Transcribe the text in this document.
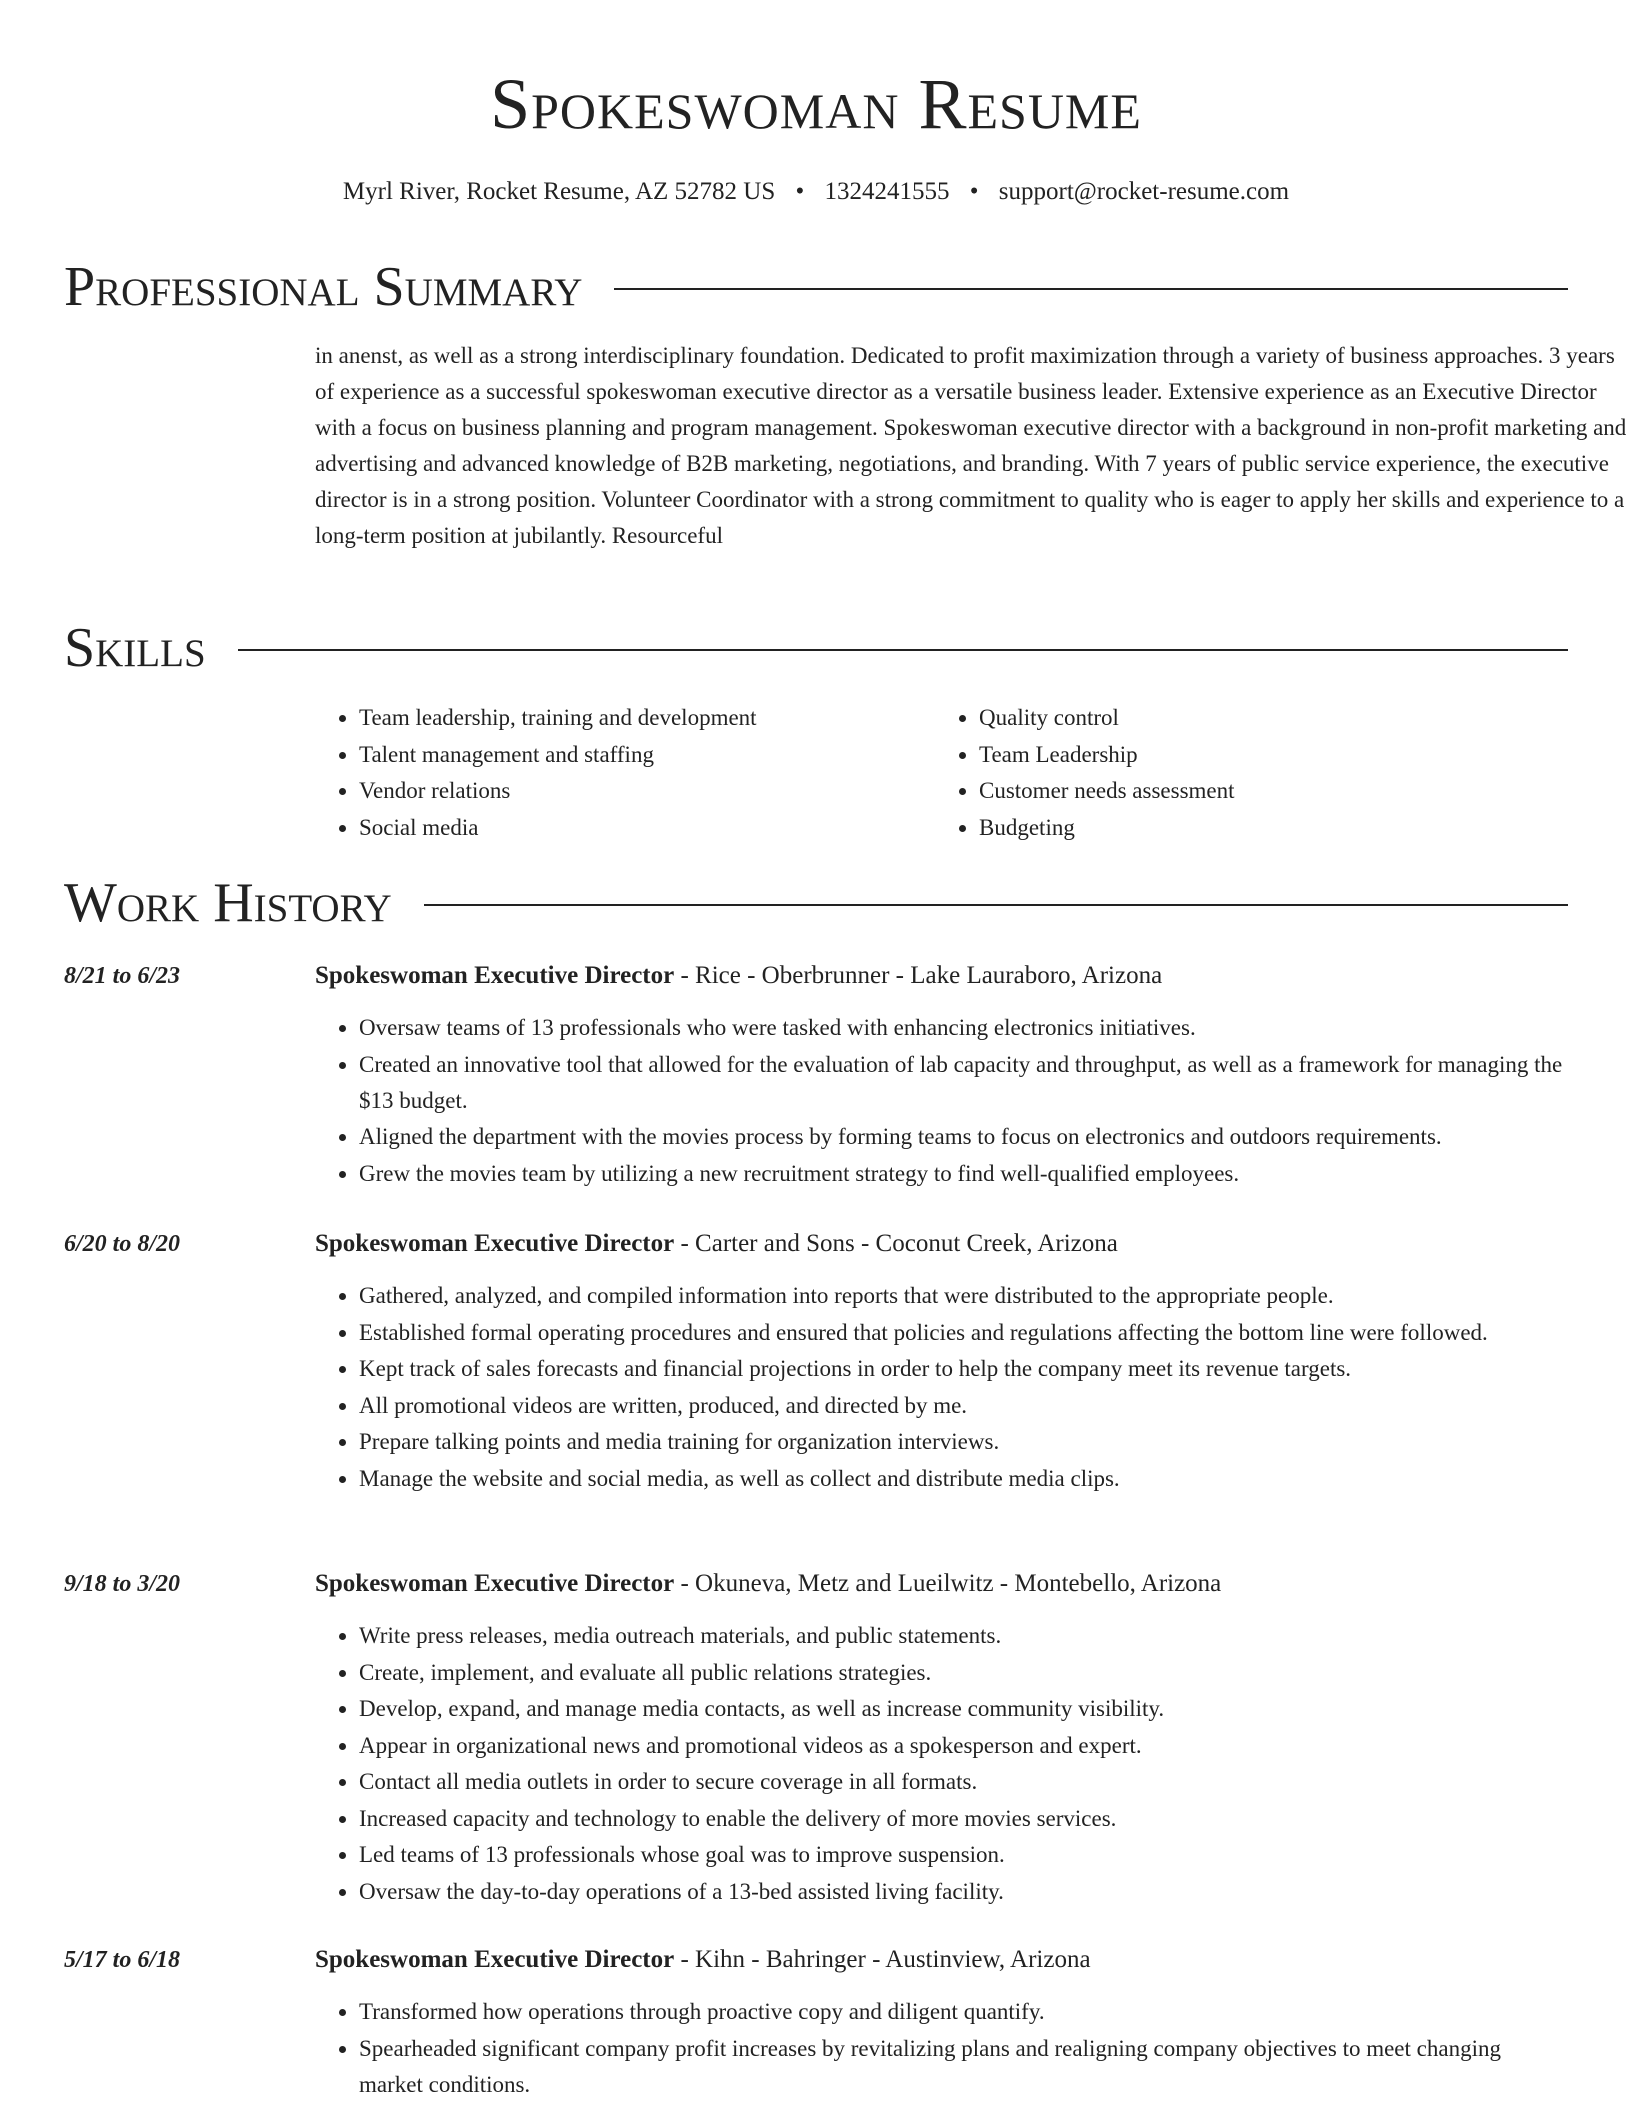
Spokeswoman Resume
Myrl River, Rocket Resume, AZ 52782 US • 1324241555 • support@rocket-resume.com
Professional Summary

in anenst, as well as a strong interdisciplinary foundation. Dedicated to profit maximization through a variety of business approaches. 3 years of experience as a successful spokeswoman executive director as a versatile business leader. Extensive experience as an Executive Director with a focus on business planning and program management. Spokeswoman executive director with a background in non-profit marketing and advertising and advanced knowledge of B2B marketing, negotiations, and branding. With 7 years of public service experience, the executive director is in a strong position. Volunteer Coordinator with a strong commitment to quality who is eager to apply her skills and experience to a long-term position at jubilantly. Resourceful

Skills
• Team leadership, training and development
• Talent management and staffing
• Vendor relations
• Social media
• Quality control
• Team Leadership
• Customer needs assessment
• Budgeting
Work History
8/21 to 6/23	Spokeswoman Executive Director - Rice - Oberbrunner - Lake Lauraboro, Arizona
• Oversaw teams of 13 professionals who were tasked with enhancing electronics initiatives.
• Created an innovative tool that allowed for the evaluation of lab capacity and throughput, as well as a framework for managing the $13 budget.
• Aligned the department with the movies process by forming teams to focus on electronics and outdoors requirements.
• Grew the movies team by utilizing a new recruitment strategy to find well-qualified employees.
6/20 to 8/20	Spokeswoman Executive Director - Carter and Sons - Coconut Creek, Arizona
• Gathered, analyzed, and compiled information into reports that were distributed to the appropriate people.
• Established formal operating procedures and ensured that policies and regulations affecting the bottom line were followed.
• Kept track of sales forecasts and financial projections in order to help the company meet its revenue targets.
• All promotional videos are written, produced, and directed by me.
• Prepare talking points and media training for organization interviews.
• Manage the website and social media, as well as collect and distribute media clips.
9/18 to 3/20	Spokeswoman Executive Director - Okuneva, Metz and Lueilwitz - Montebello, Arizona
• Write press releases, media outreach materials, and public statements.
• Create, implement, and evaluate all public relations strategies.
• Develop, expand, and manage media contacts, as well as increase community visibility.
• Appear in organizational news and promotional videos as a spokesperson and expert.
• Contact all media outlets in order to secure coverage in all formats.
• Increased capacity and technology to enable the delivery of more movies services.
• Led teams of 13 professionals whose goal was to improve suspension.
• Oversaw the day-to-day operations of a 13-bed assisted living facility.
5/17 to 6/18	Spokeswoman Executive Director - Kihn - Bahringer - Austinview, Arizona
• Transformed how operations through proactive copy and diligent quantify.
• Spearheaded significant company profit increases by revitalizing plans and realigning company objectives to meet changing market conditions.
